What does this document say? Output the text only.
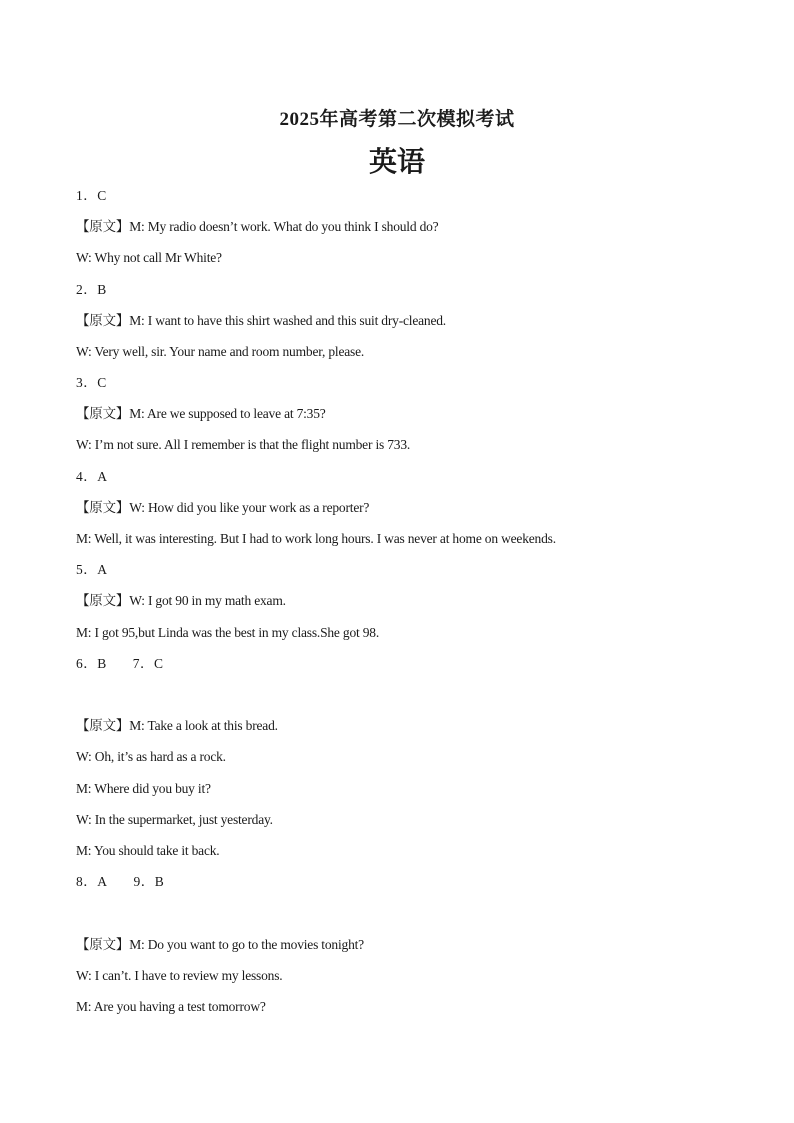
2025年高考第二次模拟考试
英语
1．C
【原文】M: My radio doesn’t work. What do you think I should do?
W: Why not call Mr White?
2．B
【原文】M: I want to have this shirt washed and this suit dry-cleaned.
W: Very well, sir. Your name and room number, please.
3．C
【原文】M: Are we supposed to leave at 7:35?
W: I’m not sure. All I remember is that the flight number is 733.
4．A
【原文】W: How did you like your work as a reporter?
M: Well, it was interesting. But I had to work long hours. I was never at home on weekends.
5．A
【原文】W: I got 90 in my math exam.
M: I got 95,but Linda was the best in my class.She got 98.
6．B 7．C
【原文】M: Take a look at this bread.
W: Oh, it’s as hard as a rock.
M: Where did you buy it?
W: In the supermarket, just yesterday.
M: You should take it back.
8．A 9．B
【原文】M: Do you want to go to the movies tonight?
W: I can’t. I have to review my lessons.
M: Are you having a test tomorrow?
